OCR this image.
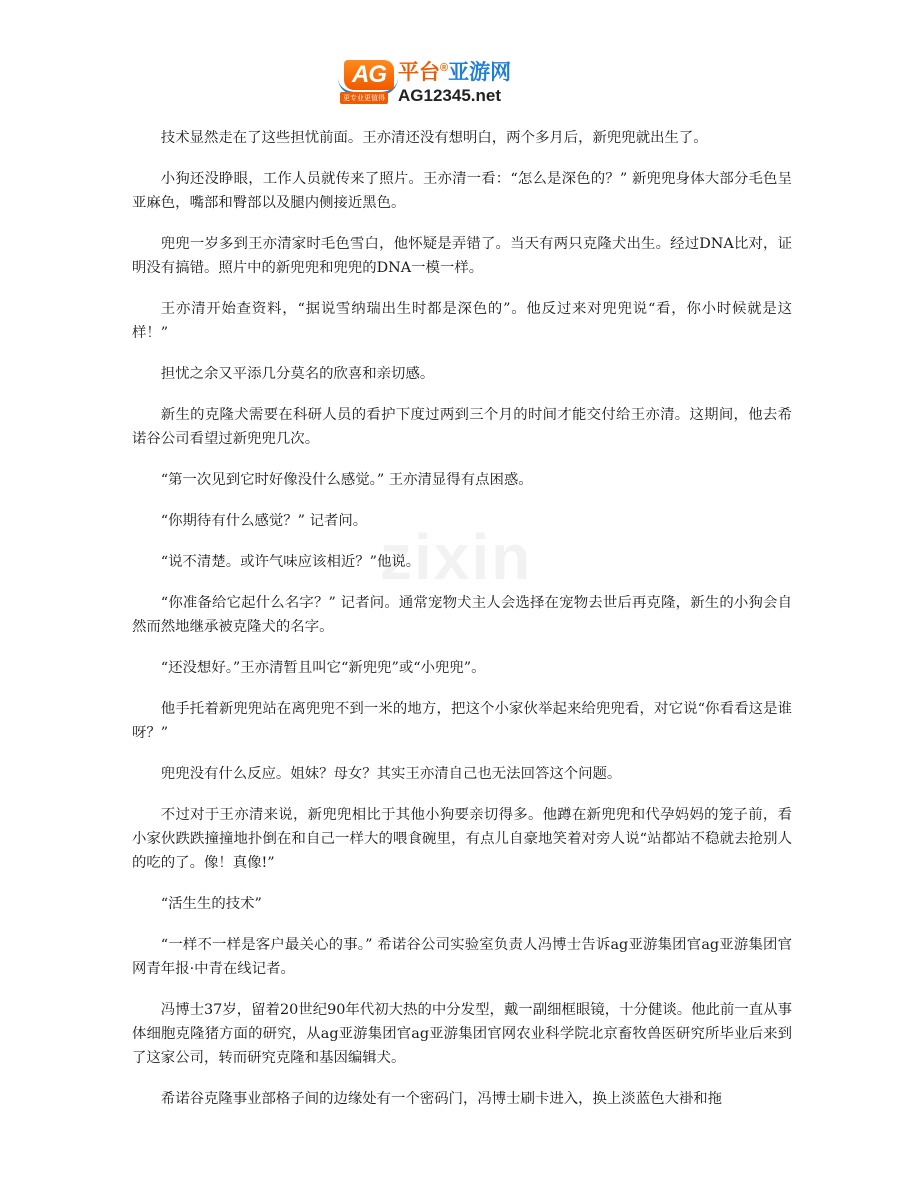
AG 平台®亚游网
更专业更值得 AG12345.net
zixin

技术显然走在了这些担忧前面。王亦清还没有想明白，两个多月后，新兜兜就出生了。

小狗还没睁眼，工作人员就传来了照片。王亦清一看：“怎么是深色的？” 新兜兜身体大部分毛色呈亚麻色，嘴部和臀部以及腿内侧接近黑色。

兜兜一岁多到王亦清家时毛色雪白，他怀疑是弄错了。当天有两只克隆犬出生。经过DNA比对，证明没有搞错。照片中的新兜兜和兜兜的DNA一模一样。

王亦清开始查资料，“据说雪纳瑞出生时都是深色的”。他反过来对兜兜说“看，你小时候就是这样！”

担忧之余又平添几分莫名的欣喜和亲切感。

新生的克隆犬需要在科研人员的看护下度过两到三个月的时间才能交付给王亦清。这期间，他去希诺谷公司看望过新兜兜几次。

“第一次见到它时好像没什么感觉。” 王亦清显得有点困惑。

“你期待有什么感觉？” 记者问。

“说不清楚。或许气味应该相近？”他说。

“你准备给它起什么名字？” 记者问。通常宠物犬主人会选择在宠物去世后再克隆，新生的小狗会自然而然地继承被克隆犬的名字。

“还没想好。”王亦清暂且叫它“新兜兜”或“小兜兜”。

他手托着新兜兜站在离兜兜不到一米的地方，把这个小家伙举起来给兜兜看，对它说“你看看这是谁呀？”

兜兜没有什么反应。姐妹？母女？其实王亦清自己也无法回答这个问题。

不过对于王亦清来说，新兜兜相比于其他小狗要亲切得多。他蹲在新兜兜和代孕妈妈的笼子前，看小家伙跌跌撞撞地扑倒在和自己一样大的喂食碗里，有点儿自豪地笑着对旁人说“站都站不稳就去抢别人的吃的了。像！真像!”

“活生生的技术”

“一样不一样是客户最关心的事。” 希诺谷公司实验室负责人冯博士告诉ag亚游集团官ag亚游集团官网青年报·中青在线记者。

冯博士37岁，留着20世纪90年代初大热的中分发型，戴一副细框眼镜，十分健谈。他此前一直从事体细胞克隆猪方面的研究，从ag亚游集团官ag亚游集团官网农业科学院北京畜牧兽医研究所毕业后来到了这家公司，转而研究克隆和基因编辑犬。

希诺谷克隆事业部格子间的边缘处有一个密码门，冯博士刷卡进入，换上淡蓝色大褂和拖
